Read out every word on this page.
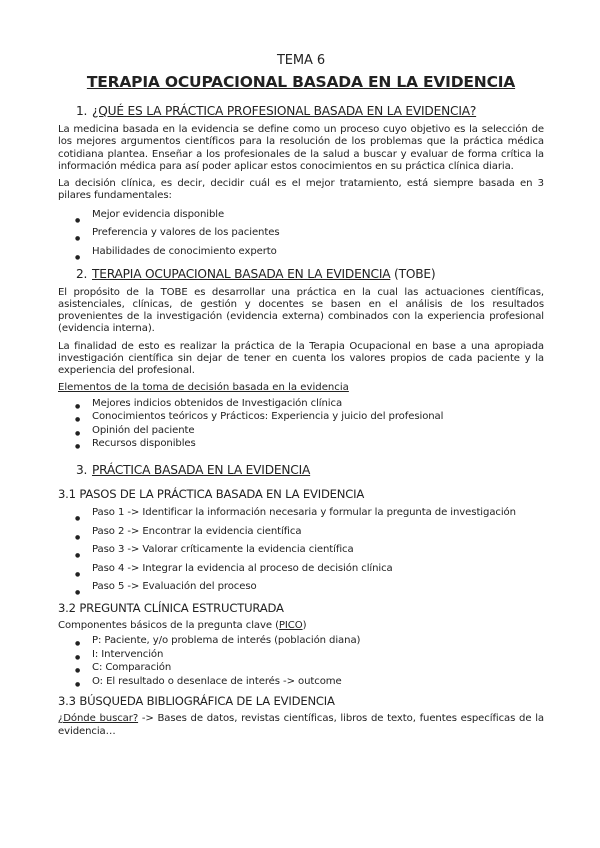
TEMA 6

TERAPIA OCUPACIONAL BASADA EN LA EVIDENCIA
1. ¿QUÉ ES LA PRÁCTICA PROFESIONAL BASADA EN LA EVIDENCIA?

La medicina basada en la evidencia se define como un proceso cuyo objetivo es la selección de los mejores argumentos científicos para la resolución de los problemas que la práctica médica cotidiana plantea. Enseñar a los profesionales de la salud a buscar y evaluar de forma crítica la información médica para así poder aplicar estos conocimientos en su práctica clínica diaria.

La decisión clínica, es decir, decidir cuál es el mejor tratamiento, está siempre basada en 3 pilares fundamentales:

● Mejor evidencia disponible
● Preferencia y valores de los pacientes
● Habilidades de conocimiento experto
2. TERAPIA OCUPACIONAL BASADA EN LA EVIDENCIA (TOBE)

El propósito de la TOBE es desarrollar una práctica en la cual las actuaciones científicas, asistenciales, clínicas, de gestión y docentes se basen en el análisis de los resultados provenientes de la investigación (evidencia externa) combinados con la experiencia profesional (evidencia interna).

La finalidad de esto es realizar la práctica de la Terapia Ocupacional en base a una apropiada investigación científica sin dejar de tener en cuenta los valores propios de cada paciente y la experiencia del profesional.

Elementos de la toma de decisión basada en la evidencia
● Mejores indicios obtenidos de Investigación clínica
● Conocimientos teóricos y Prácticos: Experiencia y juicio del profesional
● Opinión del paciente
● Recursos disponibles
3. PRÁCTICA BASADA EN LA EVIDENCIA
3.1 PASOS DE LA PRÁCTICA BASADA EN LA EVIDENCIA
● Paso 1 -> Identificar la información necesaria y formular la pregunta de investigación
● Paso 2 -> Encontrar la evidencia científica
● Paso 3 -> Valorar críticamente la evidencia científica
● Paso 4 -> Integrar la evidencia al proceso de decisión clínica
● Paso 5 -> Evaluación del proceso
3.2 PREGUNTA CLÍNICA ESTRUCTURADA

Componentes básicos de la pregunta clave (PICO)

● P: Paciente, y/o problema de interés (población diana)
● I: Intervención
● C: Comparación
● O: El resultado o desenlace de interés -> outcome
3.3 BÚSQUEDA BIBLIOGRÁFICA DE LA EVIDENCIA

¿Dónde buscar? -> Bases de datos, revistas científicas, libros de texto, fuentes específicas de la evidencia…
